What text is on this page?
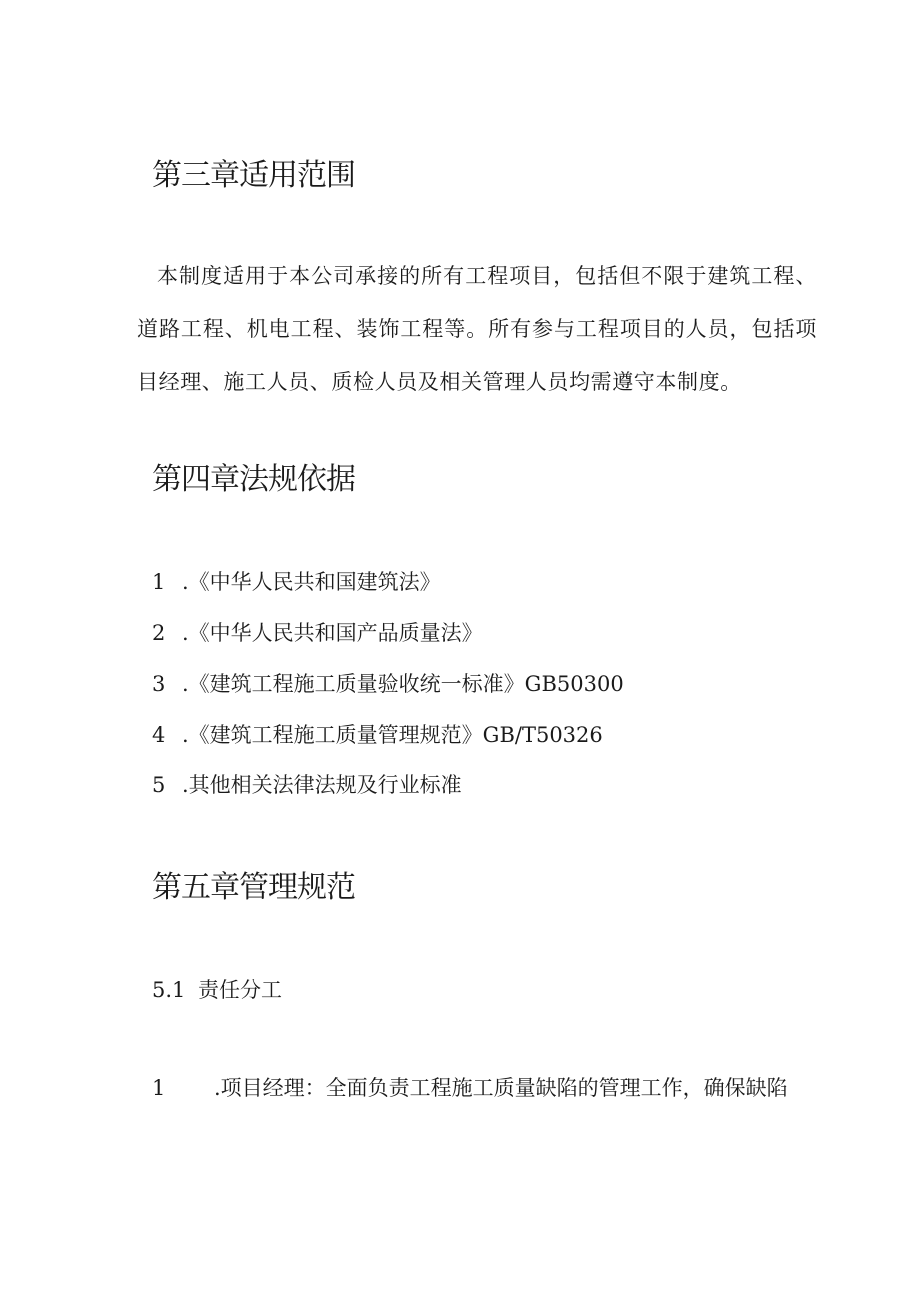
第三章适用范围
本制度适用于本公司承接的所有工程项目，包括但不限于建筑工程、道路工程、机电工程、装饰工程等。所有参与工程项目的人员，包括项目经理、施工人员、质检人员及相关管理人员均需遵守本制度。
第四章法规依据
1 .《中华人民共和国建筑法》
2 .《中华人民共和国产品质量法》
3 .《建筑工程施工质量验收统一标准》GB50300
4 .《建筑工程施工质量管理规范》GB/T50326
5 .其他相关法律法规及行业标准
第五章管理规范
5.1 责任分工
1 .项目经理：全面负责工程施工质量缺陷的管理工作，确保缺陷
